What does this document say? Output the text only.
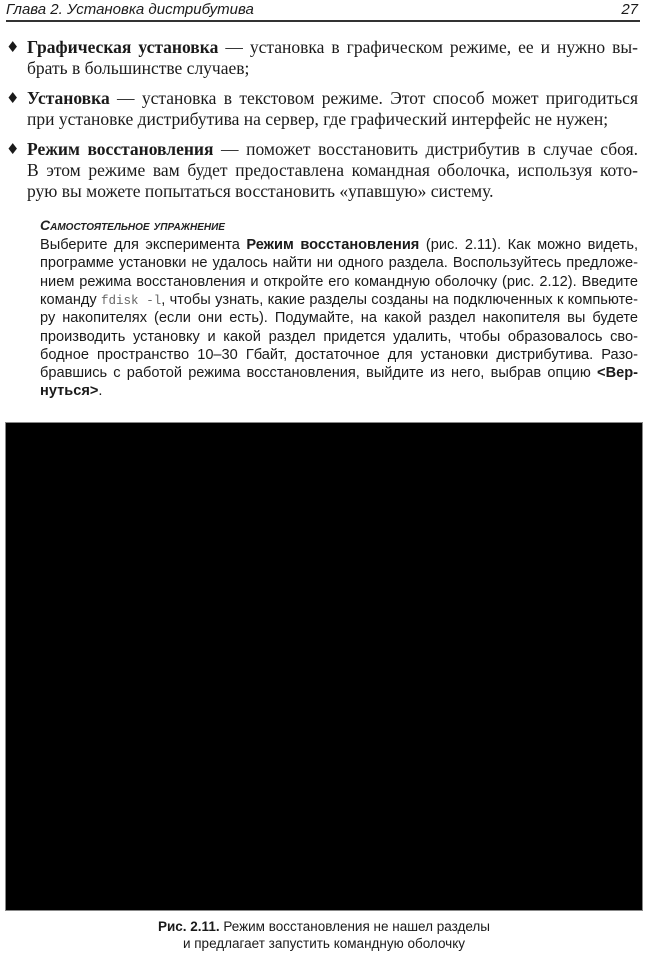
Глава 2. Установка дистрибутива	27
♦ Графическая установка — установка в графическом режиме, ее и нужно вы-
брать в большинстве случаев;
♦ Установка — установка в текстовом режиме. Этот способ может пригодиться
при установке дистрибутива на сервер, где графический интерфейс не нужен;
♦ Режим восстановления — поможет восстановить дистрибутив в случае сбоя.
В этом режиме вам будет предоставлена командная оболочка, используя кото-
рую вы можете попытаться восстановить «упавшую» систему.
Самостоятельное упражнение
Выберите для эксперимента Режим восстановления (рис. 2.11). Как можно видеть,
программе установки не удалось найти ни одного раздела. Воспользуйтесь предложе-
нием режима восстановления и откройте его командную оболочку (рис. 2.12). Введите
команду fdisk -l, чтобы узнать, какие разделы созданы на подключенных к компьюте-
ру накопителях (если они есть). Подумайте, на какой раздел накопителя вы будете
производить установку и какой раздел придется удалить, чтобы образовалось сво-
бодное пространство 10–30 Гбайт, достаточное для установки дистрибутива. Разо-
бравшись с работой режима восстановления, выйдите из него, выбрав опцию <Вер-
нуться>.
Рис. 2.11. Режим восстановления не нашел разделы
и предлагает запустить командную оболочку
